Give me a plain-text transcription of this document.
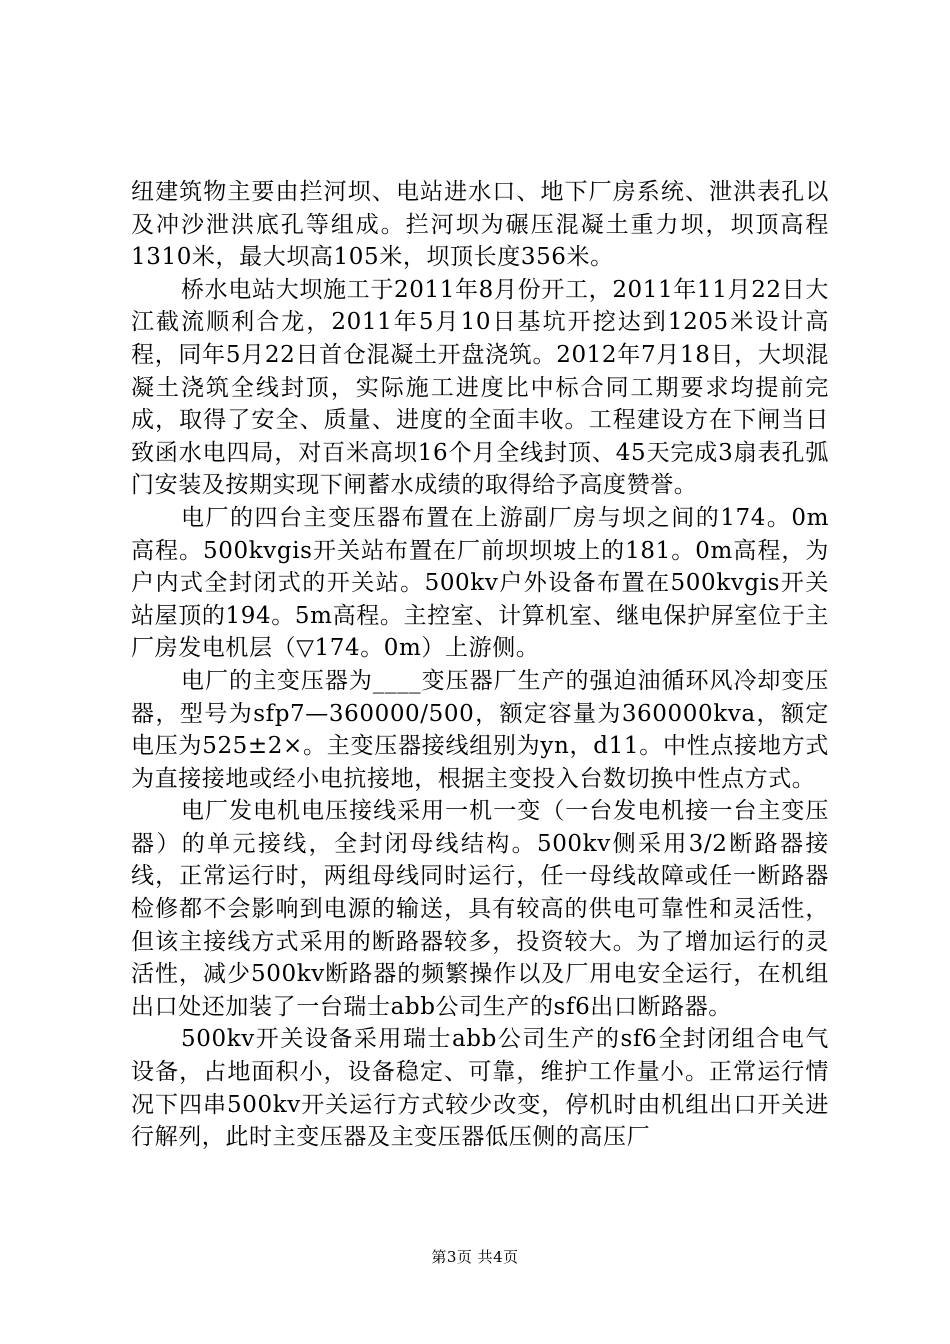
纽建筑物主要由拦河坝、电站进水口、地下厂房系统、泄洪表孔以及冲沙泄洪底孔等组成。拦河坝为碾压混凝土重力坝，坝顶高程1310米，最大坝高105米，坝顶长度356米。

桥水电站大坝施工于2011年8月份开工，2011年11月22日大江截流顺利合龙，2011年5月10日基坑开挖达到1205米设计高程，同年5月22日首仓混凝土开盘浇筑。2012年7月18日，大坝混凝土浇筑全线封顶，实际施工进度比中标合同工期要求均提前完成，取得了安全、质量、进度的全面丰收。工程建设方在下闸当日致函水电四局，对百米高坝16个月全线封顶、45天完成3扇表孔弧门安装及按期实现下闸蓄水成绩的取得给予高度赞誉。

电厂的四台主变压器布置在上游副厂房与坝之间的174。0m高程。500kvgis开关站布置在厂前坝坝坡上的181。0m高程，为户内式全封闭式的开关站。500kv户外设备布置在500kvgis开关站屋顶的194。5m高程。主控室、计算机室、继电保护屏室位于主厂房发电机层（▽174。0m）上游侧。

电厂的主变压器为____变压器厂生产的强迫油循环风冷却变压器，型号为sfp7—360000/500，额定容量为360000kva，额定电压为525±2×。主变压器接线组别为yn，d11。中性点接地方式为直接接地或经小电抗接地，根据主变投入台数切换中性点方式。

电厂发电机电压接线采用一机一变（一台发电机接一台主变压器）的单元接线，全封闭母线结构。500kv侧采用3/2断路器接线，正常运行时，两组母线同时运行，任一母线故障或任一断路器检修都不会影响到电源的输送，具有较高的供电可靠性和灵活性，但该主接线方式采用的断路器较多，投资较大。为了增加运行的灵活性，减少500kv断路器的频繁操作以及厂用电安全运行，在机组出口处还加装了一台瑞士abb公司生产的sf6出口断路器。

500kv开关设备采用瑞士abb公司生产的sf6全封闭组合电气设备，占地面积小，设备稳定、可靠，维护工作量小。正常运行情况下四串500kv开关运行方式较少改变，停机时由机组出口开关进行解列，此时主变压器及主变压器低压侧的高压厂

第3页 共4页
